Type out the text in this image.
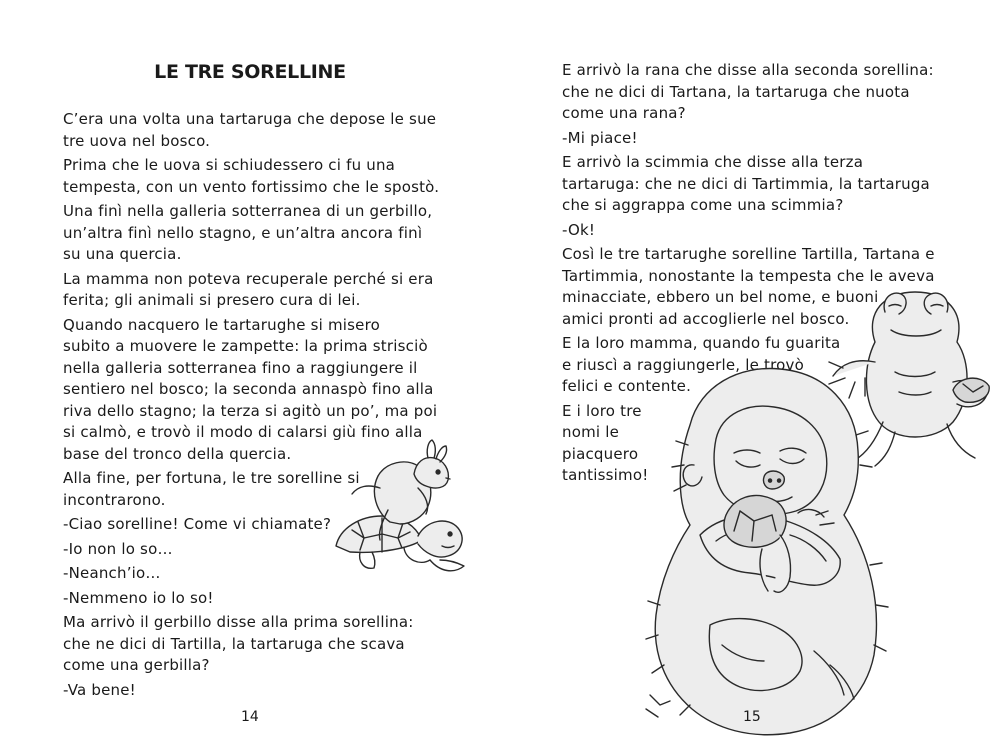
LE TRE SORELLINE

C’era una volta una tartaruga che depose le sue
tre uova nel bosco.

Prima che le uova si schiudessero ci fu una
tempesta, con un vento fortissimo che le spostò.

Una finì nella galleria sotterranea di un gerbillo,
un’altra finì nello stagno, e un’altra ancora finì
su una quercia.

La mamma non poteva recuperale perché si era
ferita; gli animali si presero cura di lei.

Quando nacquero le tartarughe si misero
subito a muovere le zampette: la prima strisciò
nella galleria sotterranea fino a raggiungere il
sentiero nel bosco; la seconda annaspò fino alla
riva dello stagno; la terza si agitò un po’, ma poi
si calmò, e trovò il modo di calarsi giù fino alla
base del tronco della quercia.

Alla fine, per fortuna, le tre sorelline si
incontrarono.

-Ciao sorelline! Come vi chiamate?

-Io non lo so…

-Neanch’io…

-Nemmeno io lo so!

Ma arrivò il gerbillo disse alla prima sorellina:
che ne dici di Tartilla, la tartaruga che scava
come una gerbilla?

-Va bene!

14

E arrivò la rana che disse alla seconda sorellina:
che ne dici di Tartana, la tartaruga che nuota
come una rana?

-Mi piace!

E arrivò la scimmia che disse alla terza
tartaruga: che ne dici di Tartimmia, la tartaruga
che si aggrappa come una scimmia?

-Ok!

Così le tre tartarughe sorelline Tartilla, Tartana e
Tartimmia, nonostante la tempesta che le aveva
minacciate, ebbero un bel nome, e buoni
amici pronti ad accoglierle nel bosco.

E la loro mamma, quando fu guarita
e riuscì a raggiungerle, le trovò
felici e contente.

E i loro tre
nomi le
piacquero
tantissimo!

15
